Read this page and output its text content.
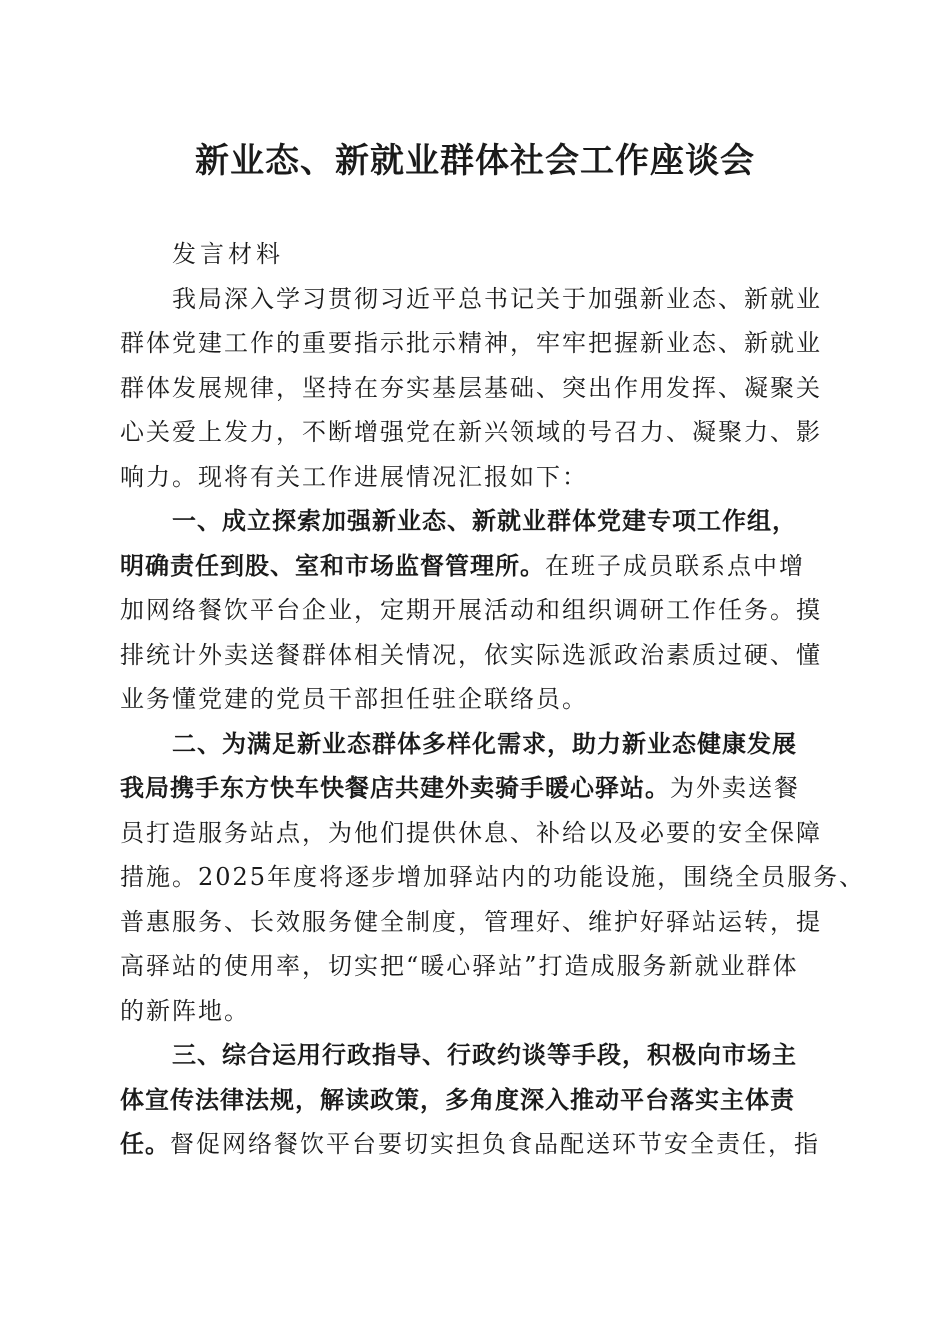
新业态、新就业群体社会工作座谈会
发言材料
我局深入学习贯彻习近平总书记关于加强新业态、新就业
群体党建工作的重要指示批示精神，牢牢把握新业态、新就业
群体发展规律，坚持在夯实基层基础、突出作用发挥、凝聚关
心关爱上发力，不断增强党在新兴领域的号召力、凝聚力、影
响力。现将有关工作进展情况汇报如下：
一、成立探索加强新业态、新就业群体党建专项工作组，
明确责任到股、室和市场监督管理所。在班子成员联系点中增
加网络餐饮平台企业，定期开展活动和组织调研工作任务。摸
排统计外卖送餐群体相关情况，依实际选派政治素质过硬、懂
业务懂党建的党员干部担任驻企联络员。
二、为满足新业态群体多样化需求，助力新业态健康发展
我局携手东方快车快餐店共建外卖骑手暖心驿站。为外卖送餐
员打造服务站点，为他们提供休息、补给以及必要的安全保障
措施。2025年度将逐步增加驿站内的功能设施，围绕全员服务、
普惠服务、长效服务健全制度，管理好、维护好驿站运转，提
高驿站的使用率，切实把“暖心驿站”打造成服务新就业群体
的新阵地。
三、综合运用行政指导、行政约谈等手段，积极向市场主
体宣传法律法规，解读政策，多角度深入推动平台落实主体责
任。督促网络餐饮平台要切实担负食品配送环节安全责任，指
